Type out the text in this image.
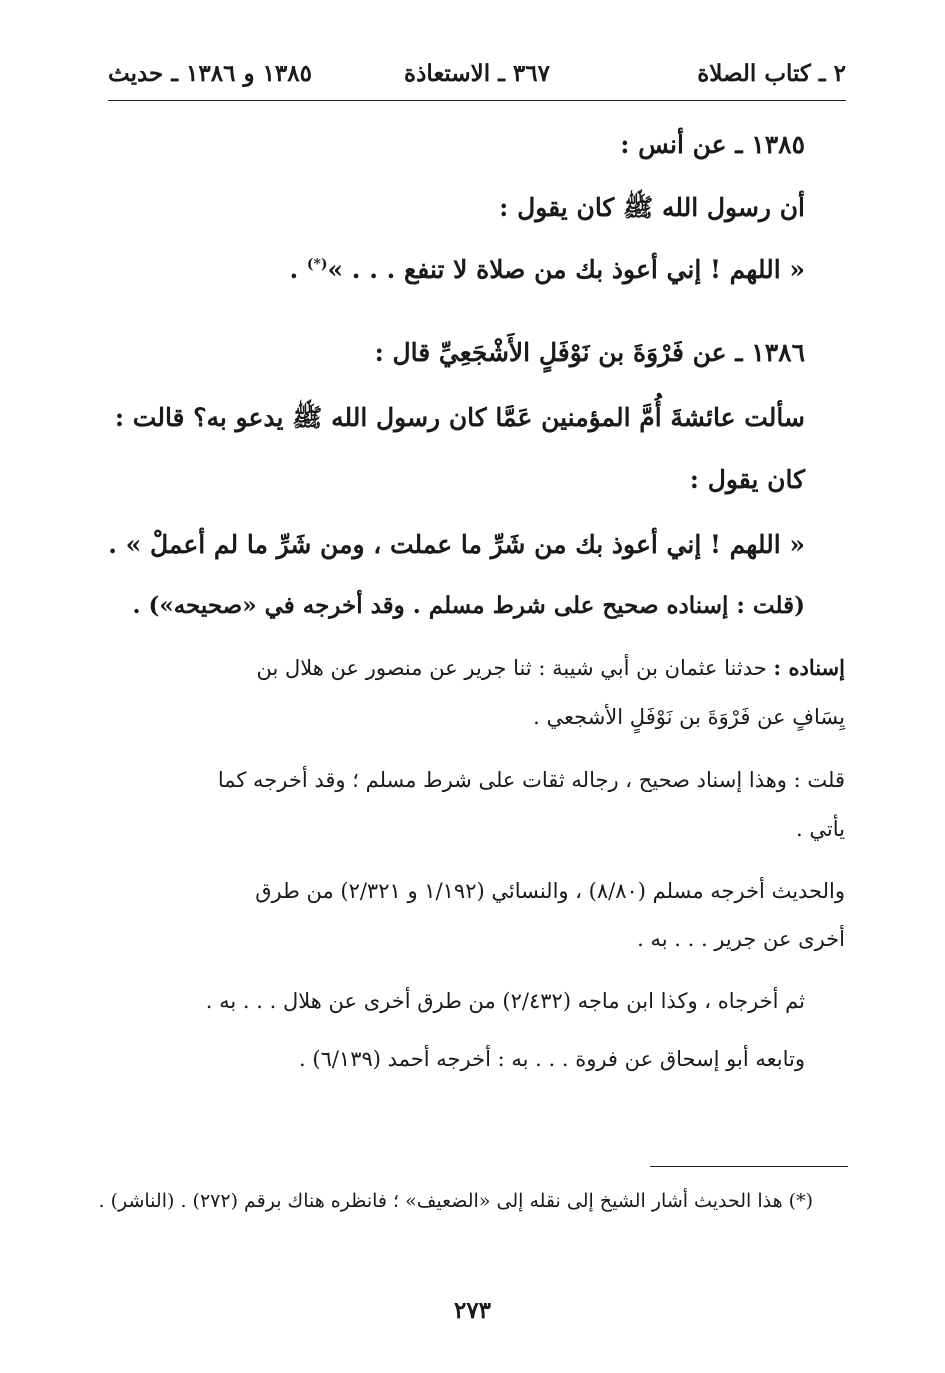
٢ ـ كتاب الصلاة
٣٦٧ ـ الاستعاذة
١٣٨٥ و ١٣٨٦ ـ حديث
١٣٨٥ ـ عن أنس :
أن رسول الله ﷺ كان يقول :
« اللهم ! إني أعوذ بك من صلاة لا تنفع . . . »(*) .
١٣٨٦ ـ عن فَرْوَةَ بن نَوْفَلٍ الأَشْجَعِيِّ قال :
سألت عائشةَ أُمَّ المؤمنين عَمَّا كان رسول الله ﷺ يدعو به؟ قالت :
كان يقول :
« اللهم ! إني أعوذ بك من شَرِّ ما عملت ، ومن شَرِّ ما لم أعملْ » .
(قلت : إسناده صحيح على شرط مسلم . وقد أخرجه في «صحيحه») .
إسناده : حدثنا عثمان بن أبي شيبة : ثنا جرير عن منصور عن هلال بن
يِسَافٍ عن فَرْوَةَ بن نَوْفَلٍ الأشجعي .
قلت : وهذا إسناد صحيح ، رجاله ثقات على شرط مسلم ؛ وقد أخرجه كما
يأتي .
والحديث أخرجه مسلم (٨/٨٠) ، والنسائي (١/١٩٢ و ٢/٣٢١) من طرق
أخرى عن جرير . . . به .
ثم أخرجاه ، وكذا ابن ماجه (٢/٤٣٢) من طرق أخرى عن هلال . . . به .
وتابعه أبو إسحاق عن فروة . . . به : أخرجه أحمد (٦/١٣٩) .
(*) هذا الحديث أشار الشيخ إلى نقله إلى «الضعيف» ؛ فانظره هناك برقم (٢٧٢) . (الناشر) .
٢٧٣
